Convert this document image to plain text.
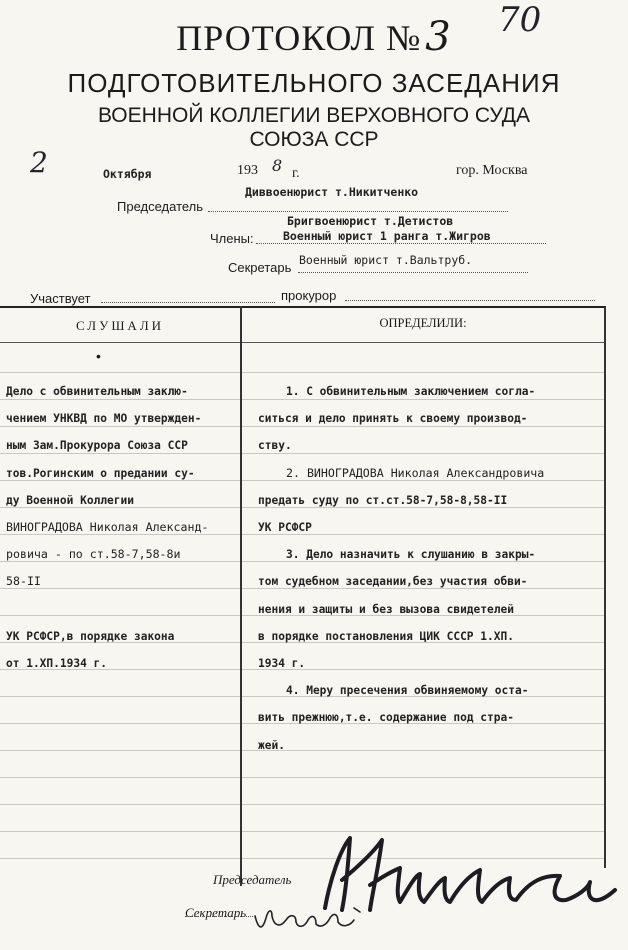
ПРОТОКОЛ № 3	70
ПОДГОТОВИТЕЛЬНОГО ЗАСЕДАНИЯ
ВОЕННОЙ КОЛЛЕГИИ ВЕРХОВНОГО СУДА
СОЮЗА ССР
2	Октября	193 8 г.	гор. Москва
Диввоенюрист т.Никитченко
Председатель
Бригвоенюрист т.Детистов
Члены:	Военный юрист 1 ранга т.Жигров
Секретарь Военный юрист т.Вальтруб.
Участвует	прокурор
СЛУШАЛИ	ОПРЕДЕЛИЛИ:
•
Дело с обвинительным заклю-
чением УНКВД по МО утвержден-
ным Зам.Прокурора Союза ССР
тов.Рогинским о предании су-
ду Военной Коллегии
ВИНОГРАДОВА Николая Александ-
ровича - по ст.58-7,58-8и
58-II
УК РСФСР,в порядке закона
от 1.ХП.1934 г.
1. С обвинительным заключением согла-
ситься и дело принять к своему производ-
ству.
2. ВИНОГРАДОВА Николая Александровича
предать суду по ст.ст.58-7,58-8,58-II
УК РСФСР
3. Дело назначить к слушанию в закры-
том судебном заседании,без участия обви-
нения и защиты и без вызова свидетелей
в порядке постановления ЦИК СССР 1.ХП.
1934 г.
4. Меру пресечения обвиняемому оста-
вить прежнюю,т.е. содержание под стра-
жей.
Председатель
Секретарь
